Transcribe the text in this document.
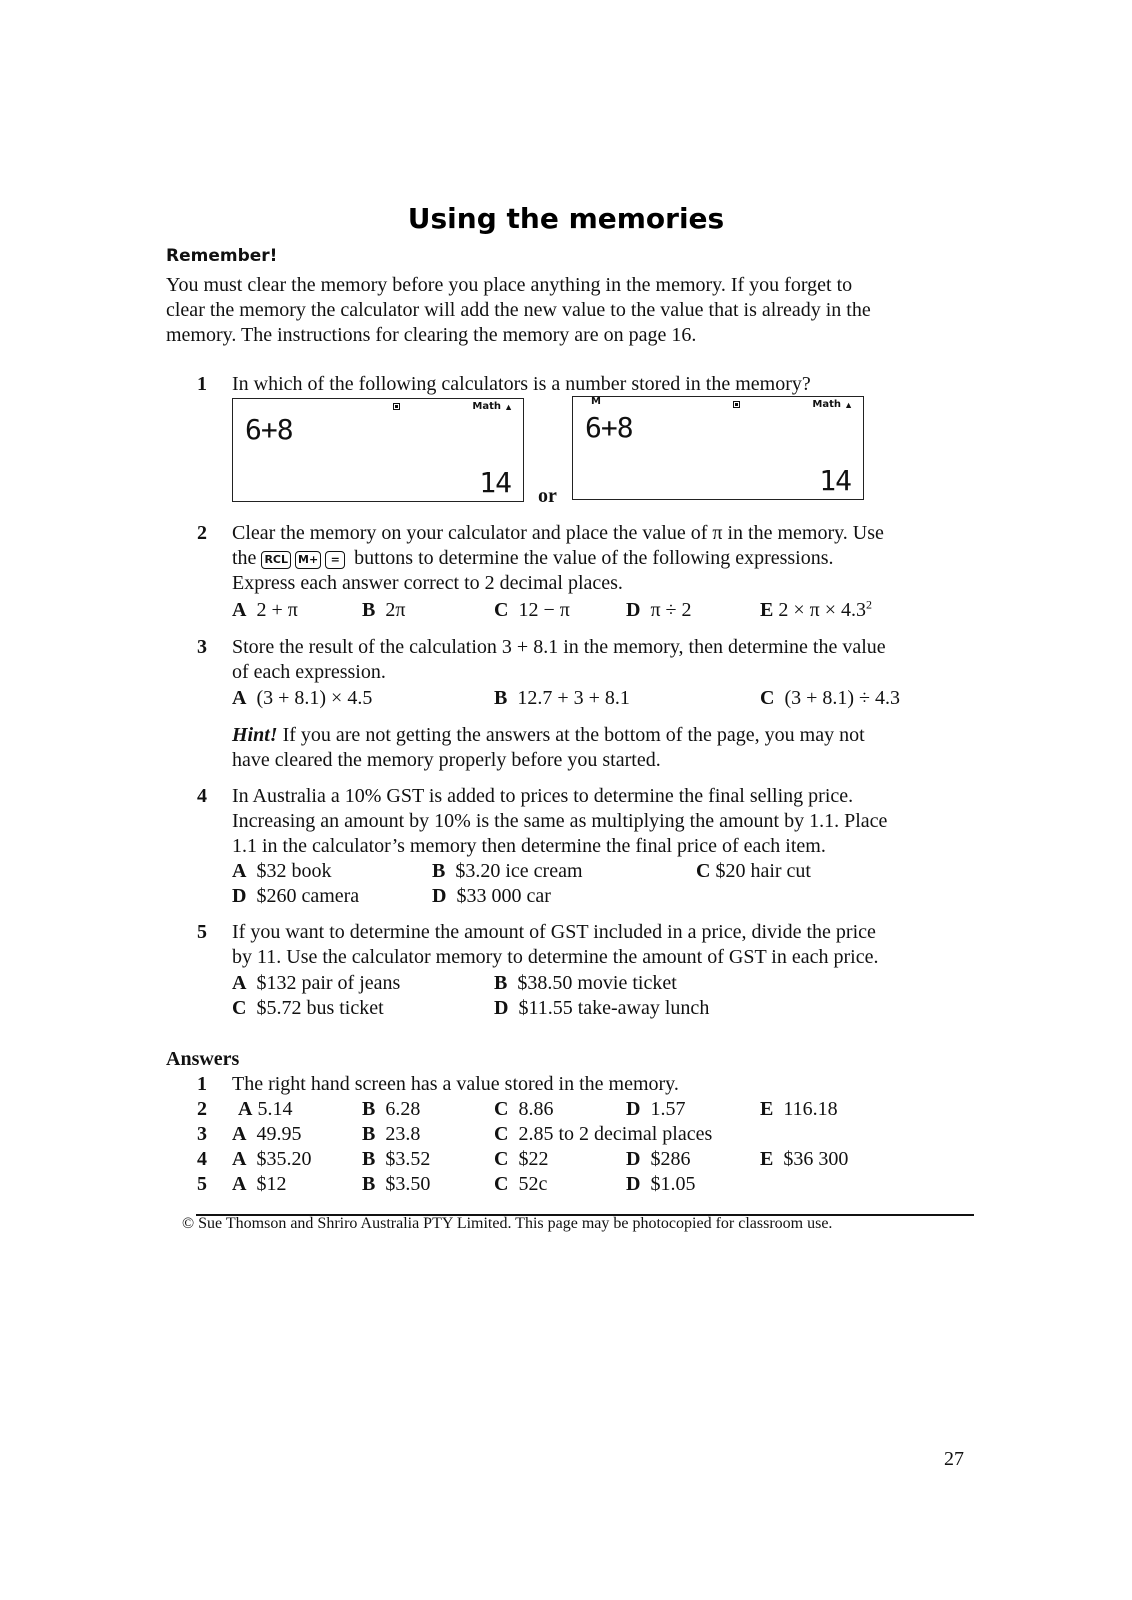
Using the memories
Remember!
You must clear the memory before you place anything in the memory. If you forget to
clear the memory the calculator will add the new value to the value that is already in the
memory. The instructions for clearing the memory are on page 16.
1	In which of the following calculators is a number stored in the memory?
Math ▲
6+8
14 or
M	Math ▲
6+8
14
2	Clear the memory on your calculator and place the value of π in the memory. Use
the RCL M+ = buttons to determine the value of the following expressions.
Express each answer correct to 2 decimal places.
A 2 + π	B 2π	C 12 − π	D π ÷ 2	E $2 \times \pi \times 4.3^2$
3	Store the result of the calculation 3 + 8.1 in the memory, then determine the value
of each expression.
A (3 + 8.1) × 4.5	B 12.7 + 3 + 8.1	C (3 + 8.1) ÷ 4.3
Hint! If you are not getting the answers at the bottom of the page, you may not
have cleared the memory properly before you started.
4	In Australia a 10% GST is added to prices to determine the final selling price.
Increasing an amount by 10% is the same as multiplying the amount by 1.1. Place
1.1 in the calculator’s memory then determine the final price of each item.
A $32 book	B $3.20 ice cream	C $20 hair cut
D $260 camera	D $33 000 car
5	If you want to determine the amount of GST included in a price, divide the price
by 11. Use the calculator memory to determine the amount of GST in each price.
A $132 pair of jeans	B $38.50 movie ticket
C $5.72 bus ticket	D $11.55 take-away lunch
Answers
1	The right hand screen has a value stored in the memory.
2	A 5.14	B 6.28	C 8.86	D 1.57	E 116.18
3	A 49.95	B 23.8	C 2.85 to 2 decimal places
4	A $35.20	B $3.52	C $22	D $286	E $36 300
5	A $12	B $3.50	C 52c	D $1.05
© Sue Thomson and Shriro Australia PTY Limited. This page may be photocopied for classroom use.
27
